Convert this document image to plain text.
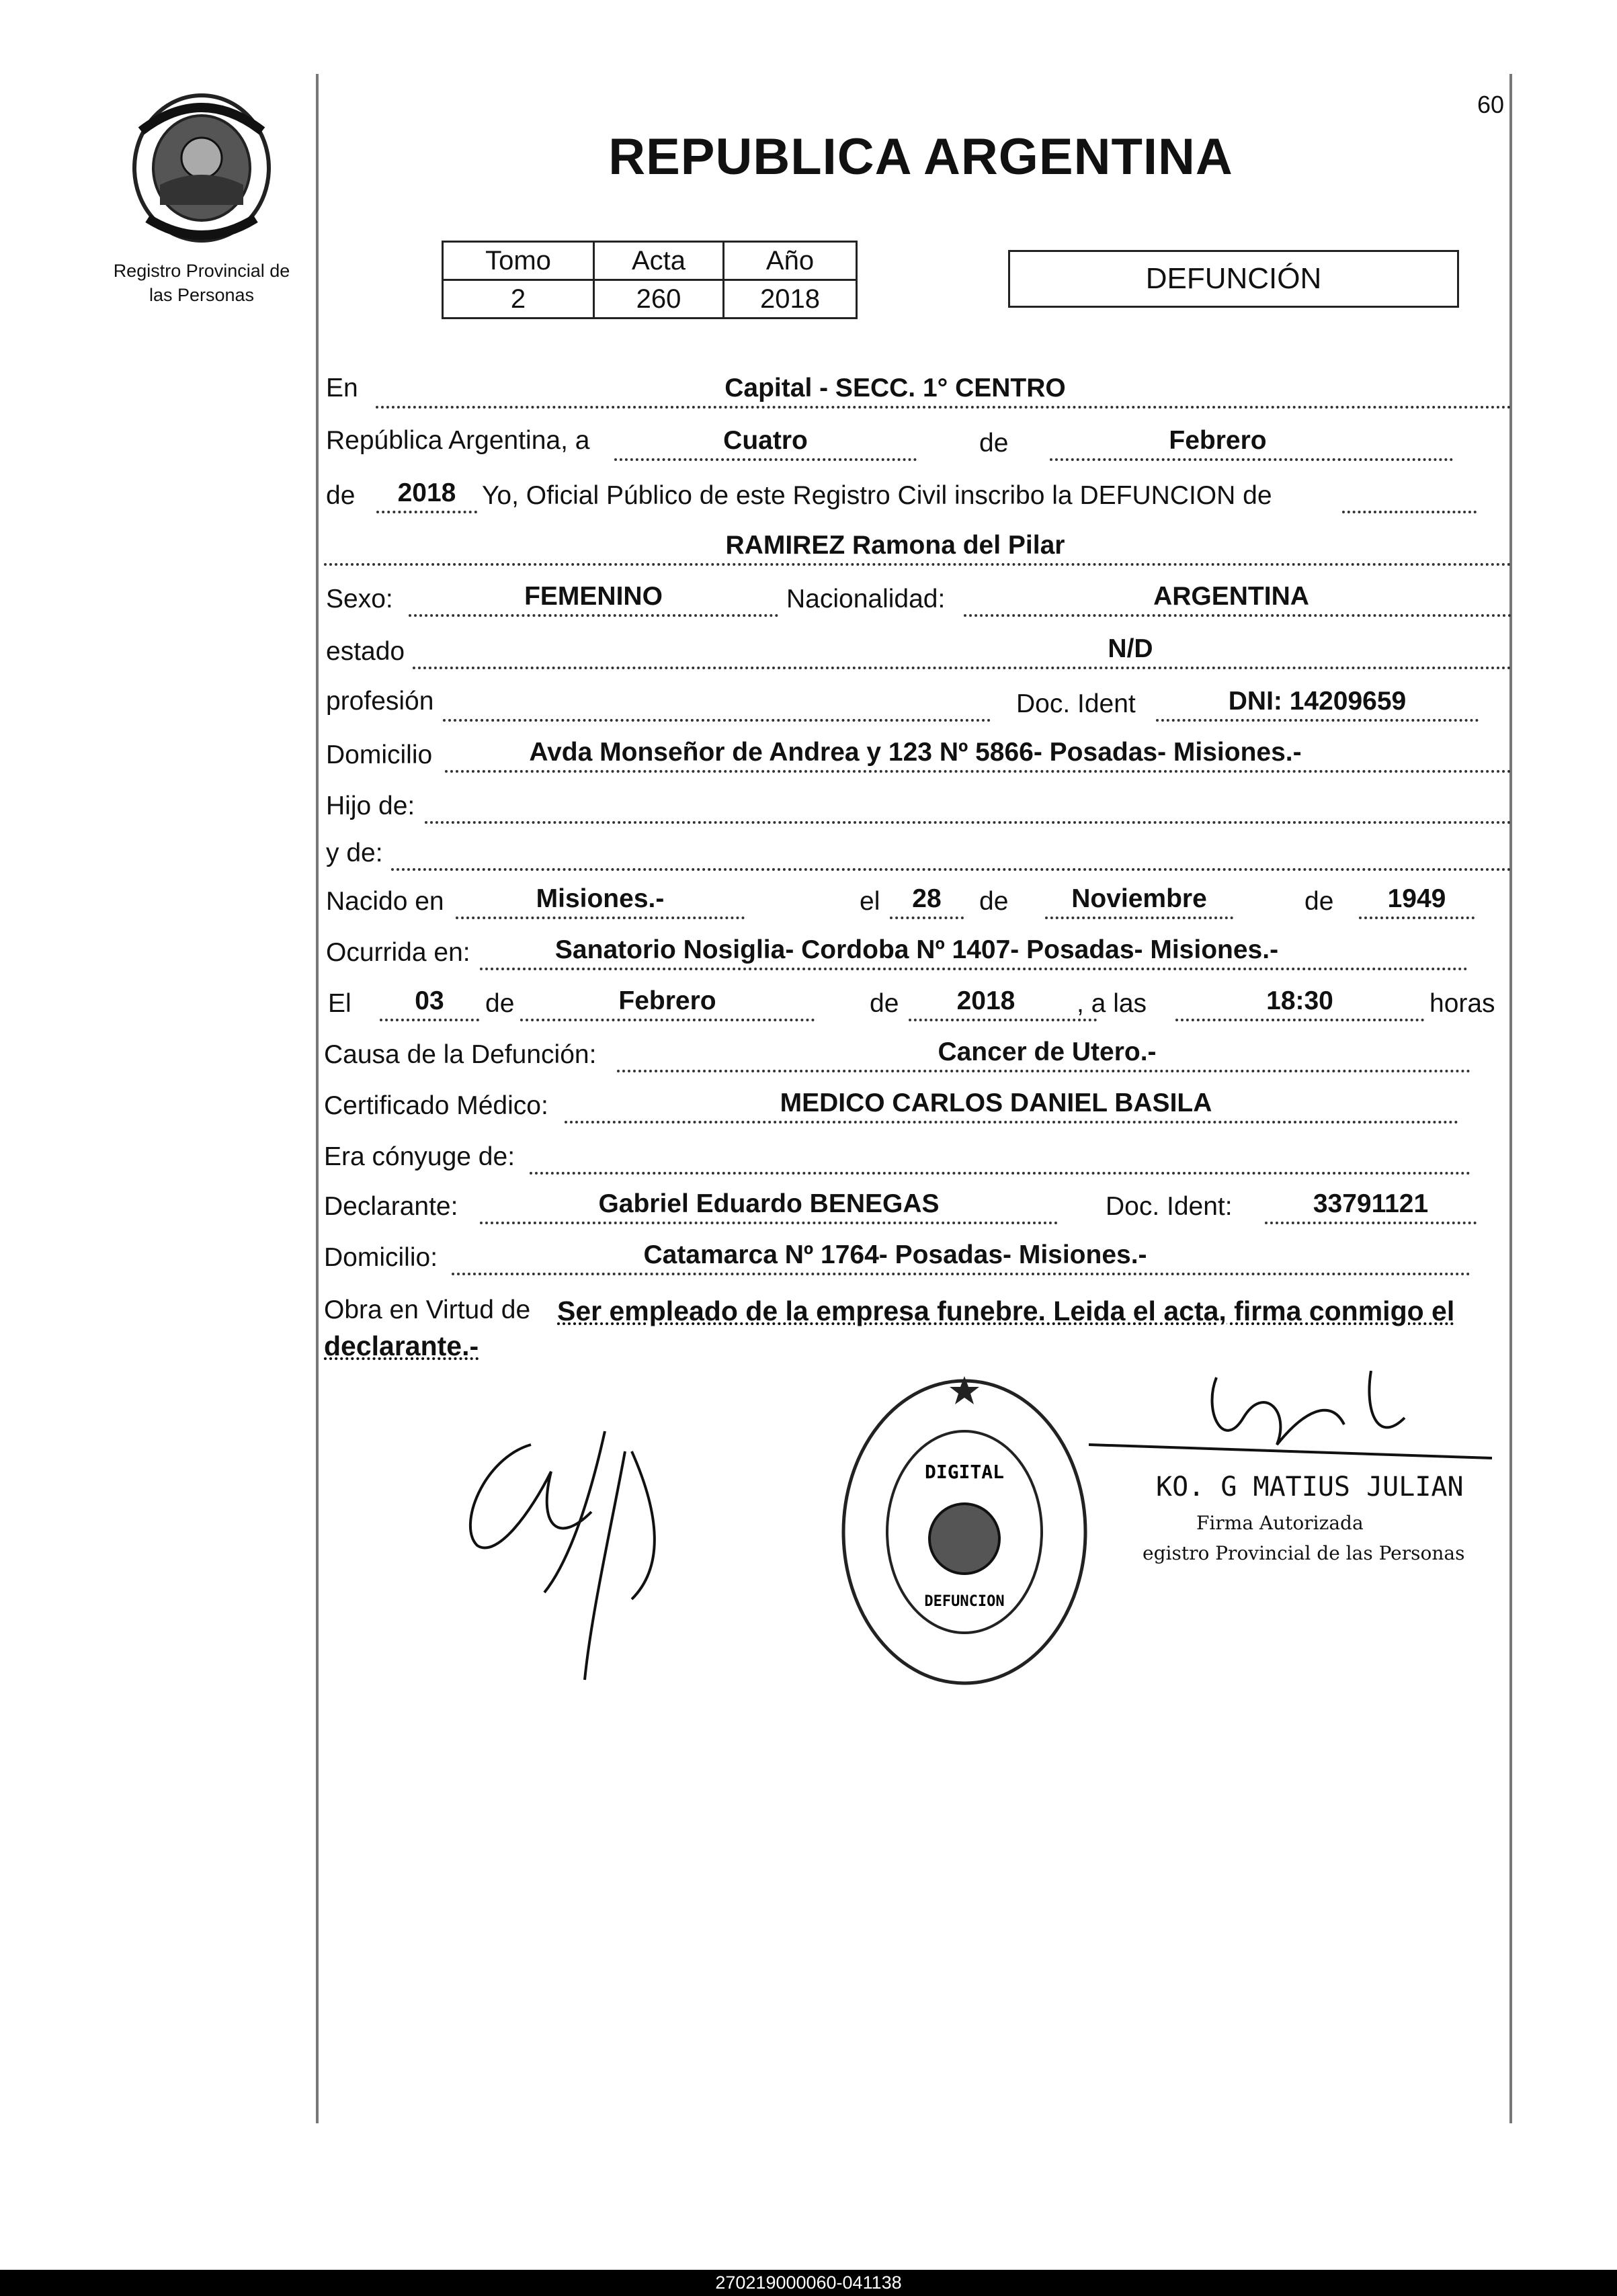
Registro Provincial de
las Personas
60
REPUBLICA ARGENTINA
Tomo	Acta	Año
2	260	2018
DEFUNCIÓN
En	Capital - SECC. 1° CENTRO
República Argentina, a	Cuatro	de	Febrero
de	2018 Yo, Oficial Público de este Registro Civil inscribo la DEFUNCION de
RAMIREZ Ramona del Pilar
Sexo:	FEMENINO	Nacionalidad:	ARGENTINA
estado	N/D
profesión	Doc. Ident	DNI: 14209659
Domicilio	Avda Monseñor de Andrea y 123 Nº 5866- Posadas- Misiones.-
Hijo de:
y de:
Nacido en	Misiones.-	el	28	de	Noviembre	de	1949
Ocurrida en:	Sanatorio Nosiglia- Cordoba Nº 1407- Posadas- Misiones.-
El	03	de	Febrero	de	2018	, a las	18:30	horas
Causa de la Defunción:	Cancer de Utero.-
Certificado Médico:	MEDICO CARLOS DANIEL BASILA
Era cónyuge de:
Declarante:	Gabriel Eduardo BENEGAS	Doc. Ident:	33791121
Domicilio:	Catamarca Nº 1764- Posadas- Misiones.-
Obra en Virtud de Ser empleado de la empresa funebre. Leida el acta, firma conmigo el
declarante.-
DIGITAL
DEFUNCION
KO. G MATIUS JULIAN
Firma Autorizada
egistro Provincial de las Personas
270219000060-041138
